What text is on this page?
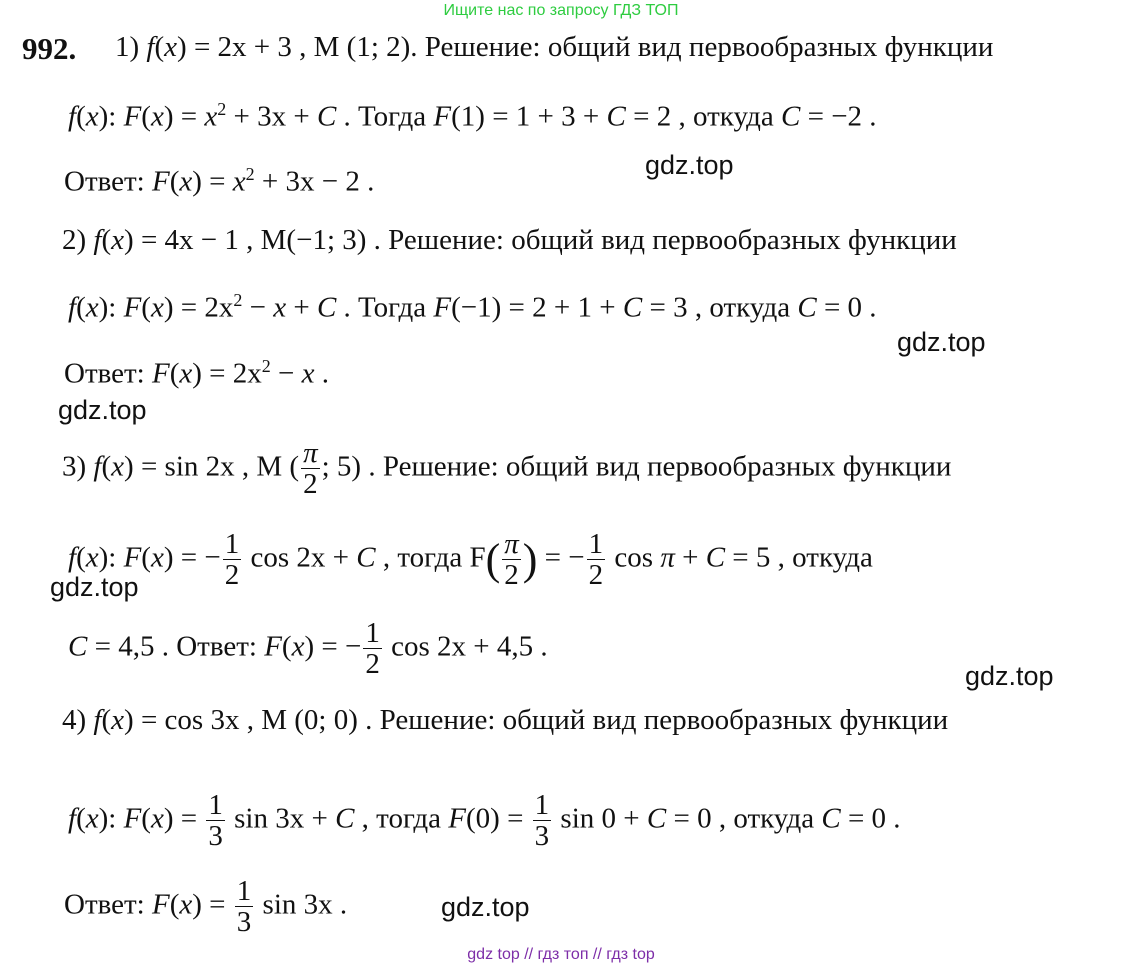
Ищите нас по запросу ГДЗ ТОП
992. 1) f(x) = 2x + 3 , M (1; 2). Решение: общий вид первообразных функции
f(x): $F(x) = x^2 + 3x + C$ . Тогда F(1) = 1 + 3 + C = 2 , откуда C = −2 .
Ответ: $F(x) = x^2 + 3x - 2$ .
2) f(x) = 4x − 1 , M(−1; 3) . Решение: общий вид первообразных функции
f(x): $F(x) = 2x^2 - x + C$ . Тогда F(−1) = 2 + 1 + C = 3 , откуда C = 0 .
Ответ: $F(x) = 2x^2 - x$ .
3) f(x) = sin 2x , M ( $\frac{\pi}{2}$ ; 5) . Решение: общий вид первообразных функции
f(x): F(x) = − $\frac{1}{2}$ cos 2x + C , тогда $F( \frac{\pi}{2}$ ) = − $\frac{1}{2}$ cos π + C = 5 , откуда
C = 4,5 . Ответ: F(x) = − $\frac{1}{2}$ cos 2x + 4,5 .
4) f(x) = cos 3x , M (0; 0) . Решение: общий вид первообразных функции
f(x): $F(x) = \frac{1}{3}$ sin 3x + C , тогда $F(0) = \frac{1}{3}$ sin 0 + C = 0 , откуда C = 0 .
Ответ: $F(x) = \frac{1}{3}$ sin 3x .
gdz.top
gdz.top
gdz.top
gdz.top
gdz.top
gdz.top
gdz top // гдз топ // гдз top
